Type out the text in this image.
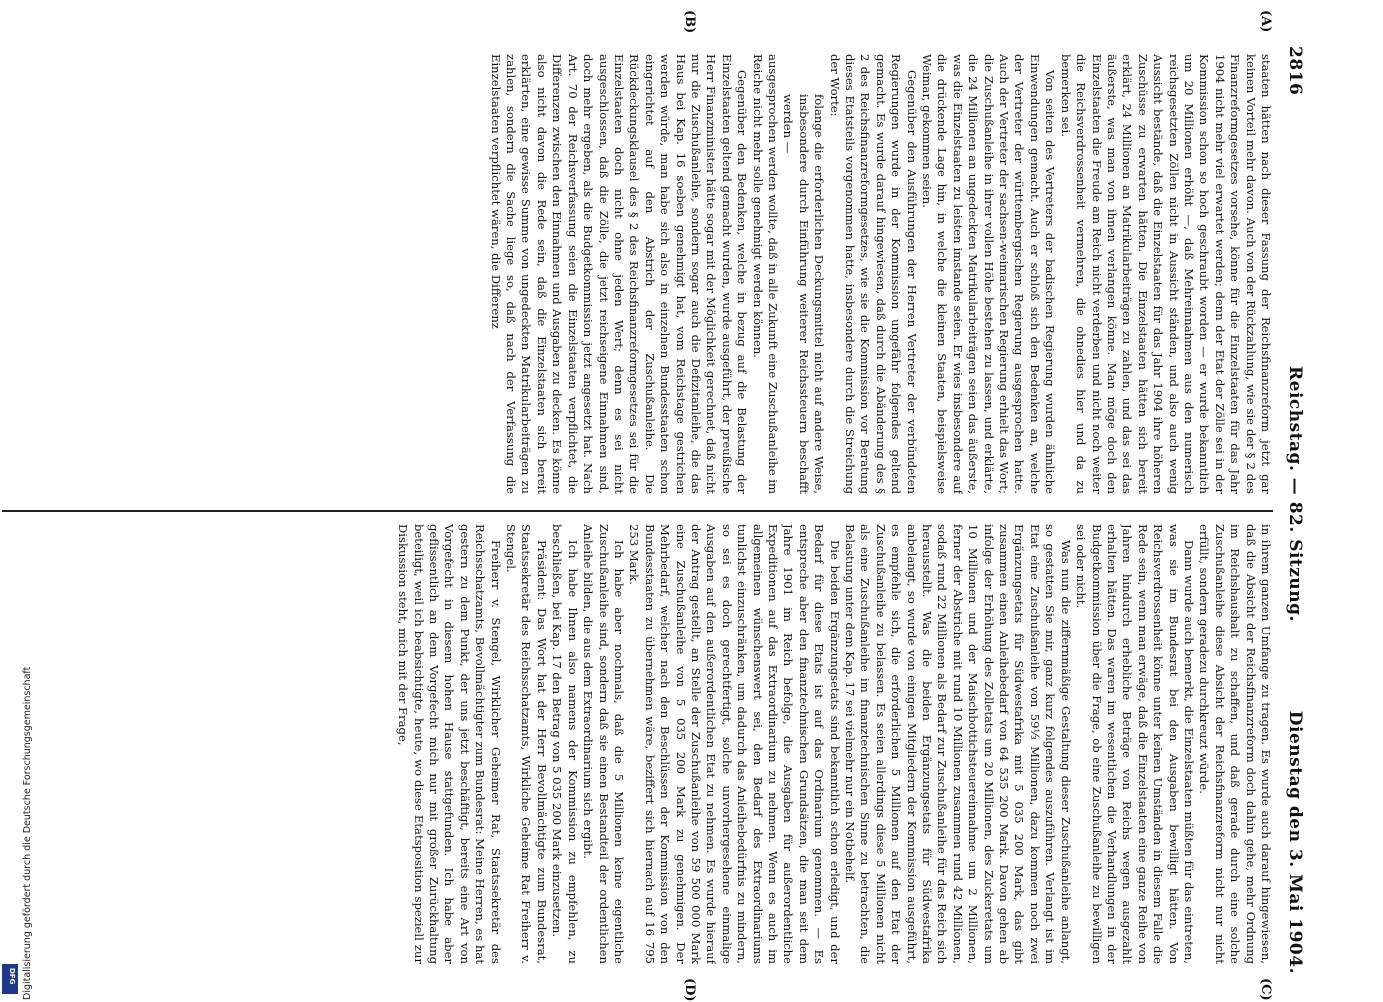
2816
Reichstag. — 82. Sitzung.
Dienstag den 3. Mai 1904.
(A)
(B)
(C)
(D)

staaten hätten nach dieser Fassung der Reichsfinanzreform jetzt gar keinen Vorteil mehr davon. Auch von der Rückzahlung, wie sie der § 2 des Finanzreformgesetzes vorsehe, könne für die Einzelstaaten für das Jahr 1904 nicht mehr viel erwartet werden; denn der Etat der Zölle sei in der Kommission schon so hoch geschraubt worden — er wurde bekanntlich um 20 Millionen erhöht —, daß Mehreinnahmen aus den numerisch reichsgesetzten Zöllen nicht in Aussicht ständen, und also auch wenig Aussicht bestände, daß die Einzelstaaten für das Jahr 1904 ihre höheren Zuschüsse zu erwarten hätten. Die Einzelstaaten hätten sich bereit erklärt, 24 Millionen an Matrikularbeiträgen zu zahlen, und das sei das äußerste, was man von ihnen verlangen könne. Man möge doch den Einzelstaaten die Freude am Reich nicht verderben und nicht noch weiter die Reichsverdrossenheit vermehren, die ohnedies hier und da zu bemerken sei.

Von seiten des Vertreters der badischen Regierung wurden ähnliche Einwendungen gemacht. Auch er schloß sich den Bedenken an, welche der Vertreter der württembergischen Regierung ausgesprochen hatte. Auch der Vertreter der sachsen-weimarischen Regierung erhielt das Wort; die Zuschußanleihe in ihrer vollen Höhe bestehen zu lassen, und erklärte, die 24 Millionen an ungedeckten Matrikularbeiträgen seien das äußerste, was die Einzelstaaten zu leisten imstande seien. Er wies insbesondere auf die drückende Lage hin, in welche die kleinen Staaten, beispielsweise Weimar, gekommen seien.

Gegenüber den Ausführungen der Herren Vertreter der verbündeten Regierungen wurde in der Kommission ungefähr folgendes geltend gemacht. Es wurde darauf hingewiesen, daß durch die Abänderung des § 2 des Reichsfinanzreformgesetzes, wie sie die Kommission vor Beratung dieses Etatsteils vorgenommen hatte, insbesondere durch die Streichung der Worte:

folange die erforderlichen Deckungsmittel nicht auf andere Weise, insbesondere durch Einführung weiterer Reichssteuern beschafft werden —

ausgesprochen werden wollte, daß in alle Zukunft eine Zuschußanleihe im Reiche nicht mehr solle genehmigt werden können.

Gegenüber den Bedenken, welche in bezug auf die Belastung der Einzelstaaten geltend gemacht wurden, wurde ausgeführt, der preußische Herr Finanzminister hätte sogar mit der Möglichkeit gerechnet, daß nicht nur die Zuschußanleihe, sondern sogar auch die Defizitanleihe, die das Haus bei Kap. 16 soeben genehmigt hat, vom Reichstage gestrichen werden würde, man habe sich also in einzelnen Bundesstaaten schon eingerichtet auf den Abstrich der Zuschußanleihe. Die Rückdeckungsklausel des § 2 des Reichsfinanzreformgesetzes sei für die Einzelstaaten doch nicht ohne jeden Wert; denn es sei nicht ausgeschlossen, daß die Zölle, die jetzt reichseigene Einnahmen sind, doch mehr ergeben, als die Budgetkommission jetzt angesetzt hat. Nach Art. 70 der Reichsverfassung seien die Einzelstaaten verpflichtet, die Differenzen zwischen den Einnahmen und Ausgaben zu decken. Es könne also nicht davon die Rede sein, daß die Einzelstaaten sich bereit erklärten, eine gewisse Summe von ungedeckten Matrikularbeiträgen zu zahlen, sondern die Sache liege so, daß nach der Verfassung die Einzelstaaten verpflichtet wären, die Differenz

in ihrem ganzen Umfange zu tragen. Es wurde auch darauf hingewiesen, daß die Absicht der Reichsfinanzreform doch dahin gehe, mehr Ordnung im Reichshaushalt zu schaffen, und daß gerade durch eine solche Zuschußanleihe diese Absicht der Reichsfinanzreform nicht nur nicht erfüllt, sondern geradezu durchkreuzt würde.

Dann wurde auch bemerkt, die Einzelstaaten müßten für das eintreten, was sie im Bundesrat bei den Ausgaben bewilligt hätten. Von Reichsverdrossenheit könne unter keinen Umständen in diesem Falle die Rede sein, wenn man erwäge, daß die Einzelstaaten eine ganze Reihe von Jahren hindurch erhebliche Beträge von Reichs wegen ausgezahlt erhalten hätten. Das waren im wesentlichen die Verhandlungen in der Budgetkommission über die Frage, ob eine Zuschußanleihe zu bewilligen sei oder nicht.

Was nun die ziffernmäßige Gestaltung dieser Zuschußanleihe anlangt, so gestatten Sie mir, ganz kurz folgendes auszuführen. Verlangt ist im Etat eine Zuschußanleihe von 59⅓ Millionen, dazu kommen noch zwei Ergänzungsetats für Südwestafrika mit 5 035 200 Mark, das gibt zusammen einen Anleihebedarf von 64 535 200 Mark. Davon gehen ab infolge der Erhöhung des Zolletats um 20 Millionen, des Zuckeretats um 10 Millionen und der Maischbottichsteuereinnahme um 2 Millionen, ferner der Abstriche mit rund 10 Millionen zusammen rund 42 Millionen, sodaß rund 22 Millionen als Bedarf zur Zuschußanleihe für das Reich sich herausstellt. Was die beiden Ergänzungsetats für Südwestafrika anbelangt, so wurde von einigen Mitgliedern der Kommission ausgeführt, es empfehle sich, die erforderlichen 5 Millionen auf den Etat der Zuschußanleihe zu belassen. Es seien allerdings diese 5 Millionen nicht als eine Zuschußanleihe im finanztechnischen Sinne zu betrachten, die Belastung unter dem Kap. 17 sei vielmehr nur ein Notbehelf.

Die beiden Ergänzungsetats sind bekanntlich schon erledigt, und der Bedarf für diese Etats ist auf das Ordinarium genommen. — Es entspreche aber den finanztechnischen Grundsätzen, die man seit dem Jahre 1901 im Reich befolge, die Ausgaben für außerordentliche Expeditionen auf das Extraordinarium zu nehmen. Wenn es auch im allgemeinen wünschenswert sei, den Bedarf des Extraordinariums tunlichst einzuschränken, um dadurch das Anleihebedürfnis zu mindern, so sei es doch gerechtfertigt, solche unvorhergesehene einmalige Ausgaben auf den außerordentlichen Etat zu nehmen. Es wurde hierauf der Antrag gestellt, an Stelle der Zuschußanleihe von 59 500 000 Mark eine Zuschußanleihe von 5 035 200 Mark zu genehmigen. Der Mehrbedarf, welcher nach den Beschlüssen der Kommission von den Bundesstaaten zu übernehmen wäre, beziffert sich hiernach auf 16 795 253 Mark.

Ich habe aber nochmals, daß die 5 Millionen keine eigentliche Zuschußanleihe sind, sondern daß sie einen Bestandteil der ordentlichen Anleihe bilden, die aus dem Extraordinarium sich ergibt.

Ich habe Ihnen also namens der Kommission zu empfehlen, zu beschließen, bei Kap. 17 den Betrag von 5 035 200 Mark einzusetzen.

Präsident: Das Wort hat der Herr Bevollmächtigte zum Bundesrat, Staatssekretär des Reichsschatzamts, Wirkliche Geheime Rat Freiherr v. Stengel.

Freiherr v. Stengel, Wirklicher Geheimer Rat, Staatssekretär des Reichsschatzamts, Bevollmächtigter zum Bundesrat: Meine Herren, es hat gestern zu dem Punkt, der uns jetzt beschäftigt, bereits eine Art von Vorgefecht in diesem hohen Hause stattgefunden. Ich habe aber geflissentlich an dem Vorgefecht mich nur mit großer Zurückhaltung beteiligt, weil ich beabsichtigte, heute, wo diese Etatsposition speziell zur Diskussion steht, mich mit der Frage,

Digitalisierung gefördert durch die Deutsche Forschungsgemeinschaft
DFG
